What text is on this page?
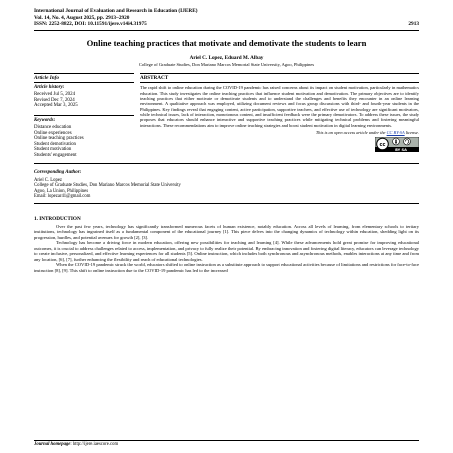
International Journal of Evaluation and Research in Education (IJERE)
Vol. 14, No. 4, August 2025, pp. 2913~2920
ISSN: 2252-8822, DOI: 10.11591/ijere.v14i4.31975	2913
Online teaching practices that motivate and demotivate the students to learn
Ariel C. Lopez, Eduard M. Albay
College of Graduate Studies, Don Mariano Marcos Memorial State University, Agoo, Philippines
Article Info
Article history:
Received Jul 5, 2024
Revised Dec 7, 2024
Accepted Mar 3, 2025
Keywords:
Distance education
Online experiences
Online teaching practices
Student demotivation
Student motivation
Students' engagement
ABSTRACT
The rapid shift to online education during the COVID-19 pandemic has raised concerns about its impact on student motivation, particularly in mathematics education. This study investigates the online teaching practices that influence student motivation and demotivation. The primary objectives are to identify teaching practices that either motivate or demotivate students and to understand the challenges and benefits they encounter in an online learning environment. A qualitative approach was employed, utilizing document reviews and focus group discussions with third- and fourth-year students in the Philippines. Key findings reveal that engaging content, active participation, supportive teachers, and effective use of technology are significant motivators, while technical issues, lack of interaction, monotonous content, and insufficient feedback were the primary demotivators. To address these issues, the study proposes that educators should enhance interactive and supportive teaching practices while mitigating technical problems and fostering meaningful interactions. These recommendations aim to improve online teaching strategies and boost student motivation in digital learning environments.
This is an open access article under the CC BY-SA license.
cc
BY SA
Corresponding Author:
Ariel C. Lopez
College of Graduate Studies, Don Mariano Marcos Memorial State University
Agoo, La Union, Philippines
Email: lopezar41@gmail.com
1. INTRODUCTION

Over the past few years, technology has significantly transformed numerous facets of human existence, notably education. Across all levels of learning, from elementary schools to tertiary institutions, technology has ingrained itself as a fundamental component of the educational journey [1]. This piece delves into the changing dynamics of technology within education, shedding light on its progression, hurdles, and potential avenues for growth [2], [3].

Technology has become a driving force in modern education, offering new possibilities for teaching and learning [4]. While these advancements hold great promise for improving educational outcomes, it is crucial to address challenges related to access, implementation, and privacy to fully realize their potential. By embracing innovation and fostering digital literacy, educators can leverage technology to create inclusive, personalized, and effective learning experiences for all students [5]. Online instruction, which includes both synchronous and asynchronous methods, enables interactions at any time and from any location, [6], [7], further enhancing the flexibility and reach of educational technologies.

When the COVID-19 pandemic struck the world, educators shifted to online instruction as a substitute approach to support educational activities because of limitations and restrictions for face-to-face instruction [8], [9]. This shift to online instruction due to the COVID-19 pandemic has led to the increased

Journal homepage: http://ijere.iaescore.com
